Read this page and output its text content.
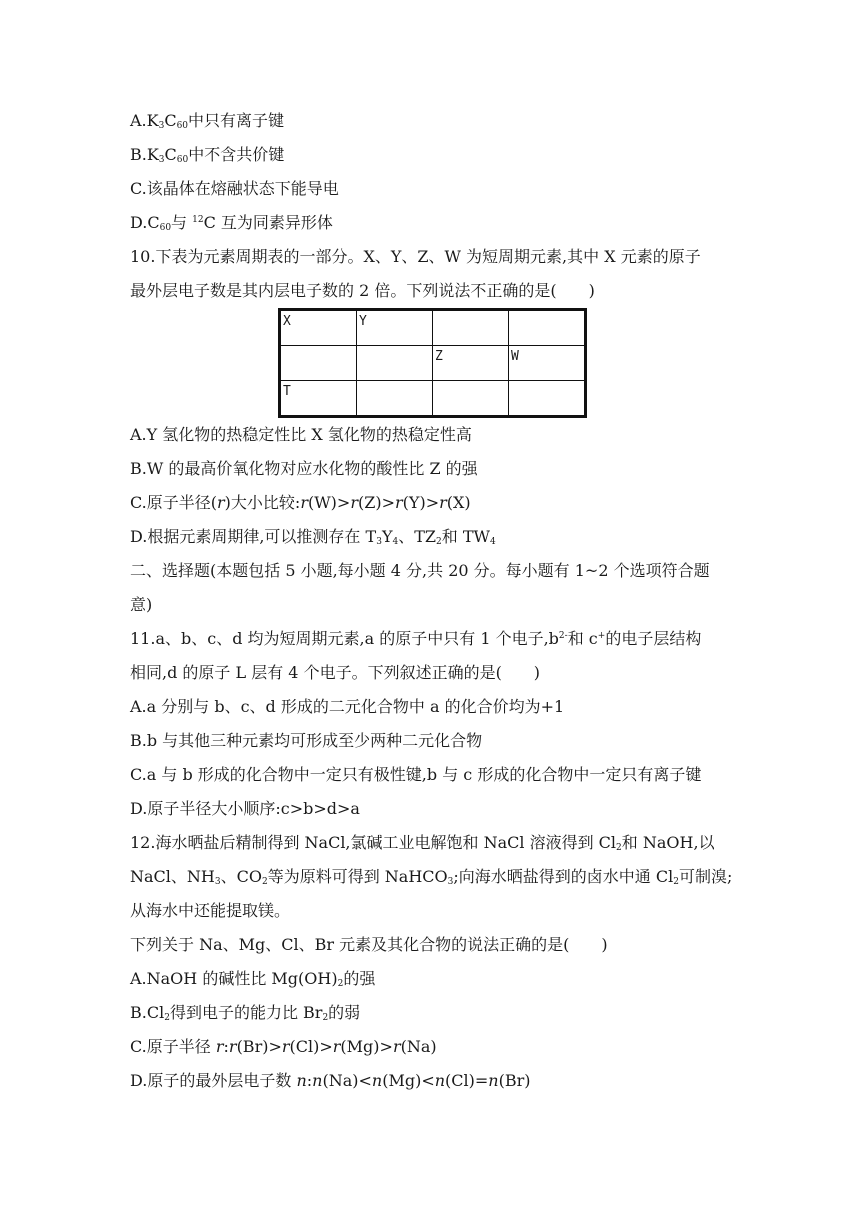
$A.K_3C_{60}$中只有离子键
$B.K_3C_{60}$中不含共价键
C.该晶体在熔融状态下能导电
$D.C_{60}$与 $^{12}$C 互为同素异形体
10.下表为元素周期表的一部分。X、Y、Z、W 为短周期元素,其中 X 元素的原子
最外层电子数是其内层电子数的 2 倍。下列说法不正确的是(　　)
X	Y		
		Z	W
T			
A.Y 氢化物的热稳定性比 X 氢化物的热稳定性高
B.W 的最高价氧化物对应水化物的酸性比 Z 的强
C.原子半径(r)大小比较:r(W)>r(Z)>r(Y)>r(X)
D.根据元素周期律,可以推测存在 $T_3Y_4$、$TZ_2$和 $TW_4$
二、选择题(本题包括 5 小题,每小题 4 分,共 20 分。每小题有 1~2 个选项符合题
意)
11.a、b、c、d 均为短周期元素,a 的原子中只有 1 个电子$,b^{2-}$和 c+的电子层结构
相同,d 的原子 L 层有 4 个电子。下列叙述正确的是(　　)
A.a 分别与 b、c、d 形成的二元化合物中 a 的化合价均为+1
B.b 与其他三种元素均可形成至少两种二元化合物
C.a 与 b 形成的化合物中一定只有极性键,b 与 c 形成的化合物中一定只有离子键
D.原子半径大小顺序:c>b>d>a
12.海水晒盐后精制得到 NaCl,氯碱工业电解饱和 NaCl 溶液得到 $Cl_2$和 NaOH,以
NaCl、$NH_3$、$CO_2$等为原料可得到 NaHCO$_3$;向海水晒盐得到的卤水中通 $Cl_2$可制溴;
从海水中还能提取镁。
下列关于 Na、Mg、Cl、Br 元素及其化合物的说法正确的是(　　)
A.NaOH 的碱性比 $Mg(OH)_2$的强
$B.Cl_2$得到电子的能力比 $Br_2$的弱
C.原子半径 r:r(Br)>r(Cl)>r(Mg)>r(Na)
D.原子的最外层电子数 n:n(Na)<n(Mg)<n(Cl)=n(Br)
